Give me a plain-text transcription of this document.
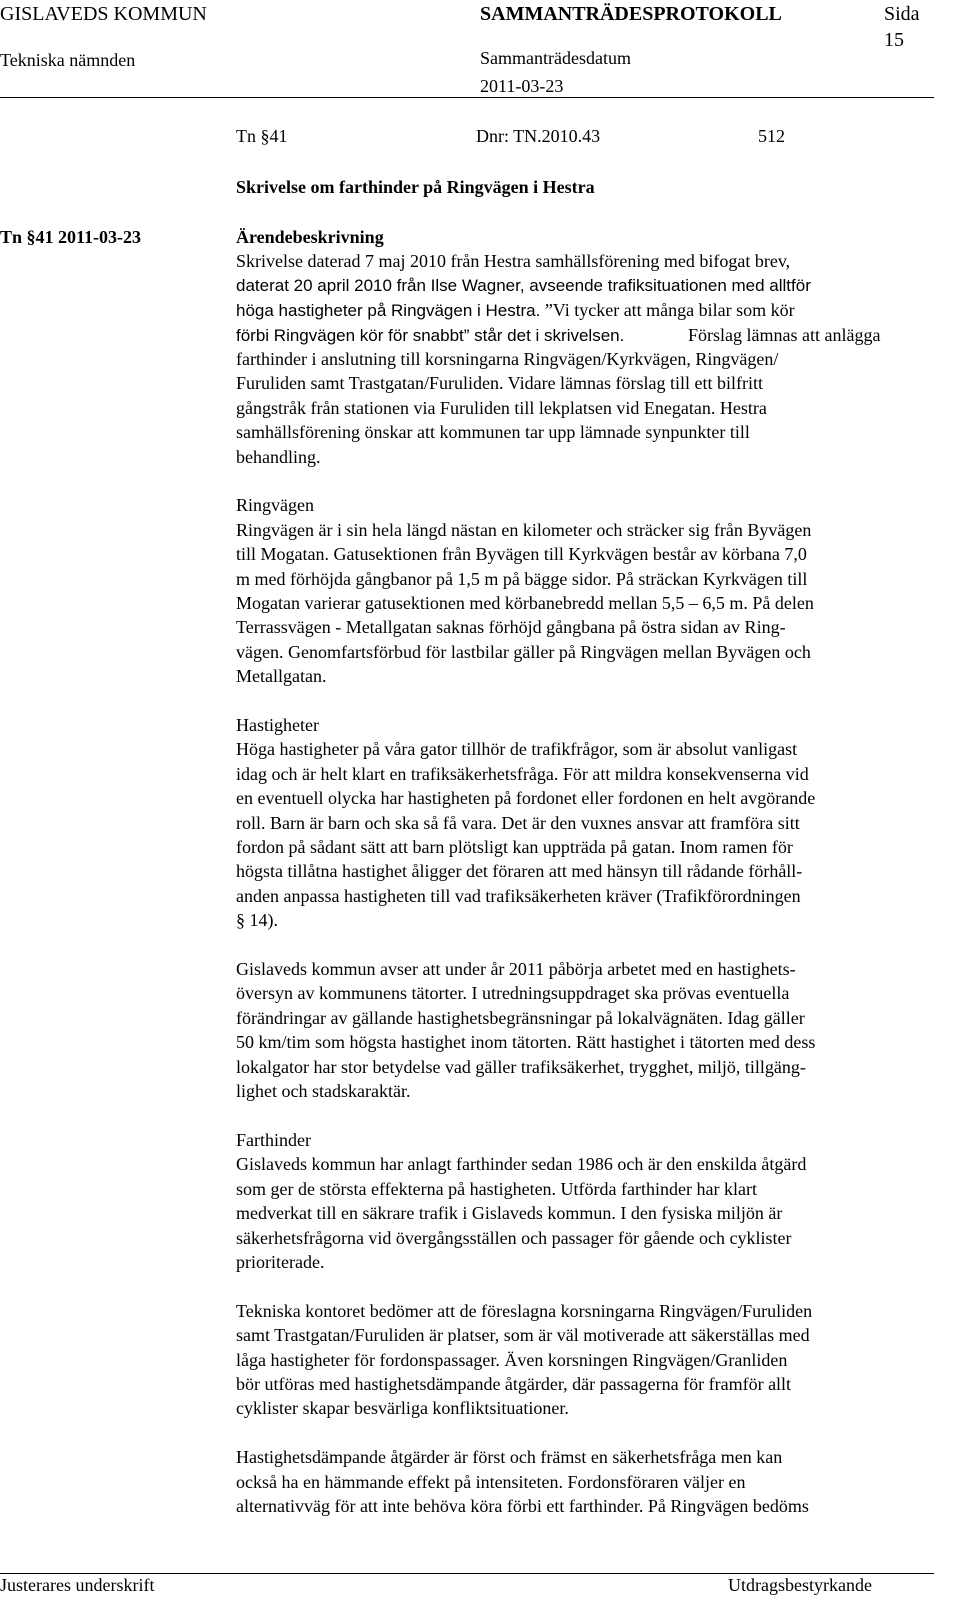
GISLAVEDS KOMMUN	SAMMANTRÄDESPROTOKOLL	Sida
Tekniska nämnden	Sammanträdesdatum
15
2011-03-23
Tn §41	Dnr: TN.2010.43	512
Skrivelse om farthinder på Ringvägen i Hestra
Tn §41 2011-03-23	Ärendebeskrivning

Skrivelse daterad 7 maj 2010 från Hestra samhällsförening med bifogat brev,

daterat 20 april 2010 från Ilse Wagner, avseende trafiksituationen med alltför

höga hastigheter på Ringvägen i Hestra. ”Vi tycker att många bilar som kör

förbi Ringvägen kör för snabbt” står det i skrivelsen.	Förslag lämnas att anlägga

farthinder i anslutning till korsningarna Ringvägen/Kyrkvägen, Ringvägen/

Furuliden samt Trastgatan/Furuliden. Vidare lämnas förslag till ett bilfritt

gångstråk från stationen via Furuliden till lekplatsen vid Enegatan. Hestra

samhällsförening önskar att kommunen tar upp lämnade synpunkter till

behandling.

Ringvägen

Ringvägen är i sin hela längd nästan en kilometer och sträcker sig från Byvägen

till Mogatan. Gatusektionen från Byvägen till Kyrkvägen består av körbana 7,0

m med förhöjda gångbanor på 1,5 m på bägge sidor. På sträckan Kyrkvägen till

Mogatan varierar gatusektionen med körbanebredd mellan 5,5 – 6,5 m. På delen

Terrassvägen - Metallgatan saknas förhöjd gångbana på östra sidan av Ring-

vägen. Genomfartsförbud för lastbilar gäller på Ringvägen mellan Byvägen och

Metallgatan.

Hastigheter

Höga hastigheter på våra gator tillhör de trafikfrågor, som är absolut vanligast

idag och är helt klart en trafiksäkerhetsfråga. För att mildra konsekvenserna vid

en eventuell olycka har hastigheten på fordonet eller fordonen en helt avgörande

roll. Barn är barn och ska så få vara. Det är den vuxnes ansvar att framföra sitt

fordon på sådant sätt att barn plötsligt kan uppträda på gatan. Inom ramen för

högsta tillåtna hastighet åligger det föraren att med hänsyn till rådande förhåll-

anden anpassa hastigheten till vad trafiksäkerheten kräver (Trafikförordningen

§ 14).

Gislaveds kommun avser att under år 2011 påbörja arbetet med en hastighets-

översyn av kommunens tätorter. I utredningsuppdraget ska prövas eventuella

förändringar av gällande hastighetsbegränsningar på lokalvägnäten. Idag gäller

50 km/tim som högsta hastighet inom tätorten. Rätt hastighet i tätorten med dess

lokalgator har stor betydelse vad gäller trafiksäkerhet, trygghet, miljö, tillgäng-

lighet och stadskaraktär.

Farthinder

Gislaveds kommun har anlagt farthinder sedan 1986 och är den enskilda åtgärd

som ger de största effekterna på hastigheten. Utförda farthinder har klart

medverkat till en säkrare trafik i Gislaveds kommun. I den fysiska miljön är

säkerhetsfrågorna vid övergångsställen och passager för gående och cyklister

prioriterade.

Tekniska kontoret bedömer att de föreslagna korsningarna Ringvägen/Furuliden

samt Trastgatan/Furuliden är platser, som är väl motiverade att säkerställas med

låga hastigheter för fordonspassager. Även korsningen Ringvägen/Granliden

bör utföras med hastighetsdämpande åtgärder, där passagerna för framför allt

cyklister skapar besvärliga konfliktsituationer.

Hastighetsdämpande åtgärder är först och främst en säkerhetsfråga men kan

också ha en hämmande effekt på intensiteten. Fordonsföraren väljer en

alternativväg för att inte behöva köra förbi ett farthinder. På Ringvägen bedöms

Justerares underskrift	Utdragsbestyrkande
